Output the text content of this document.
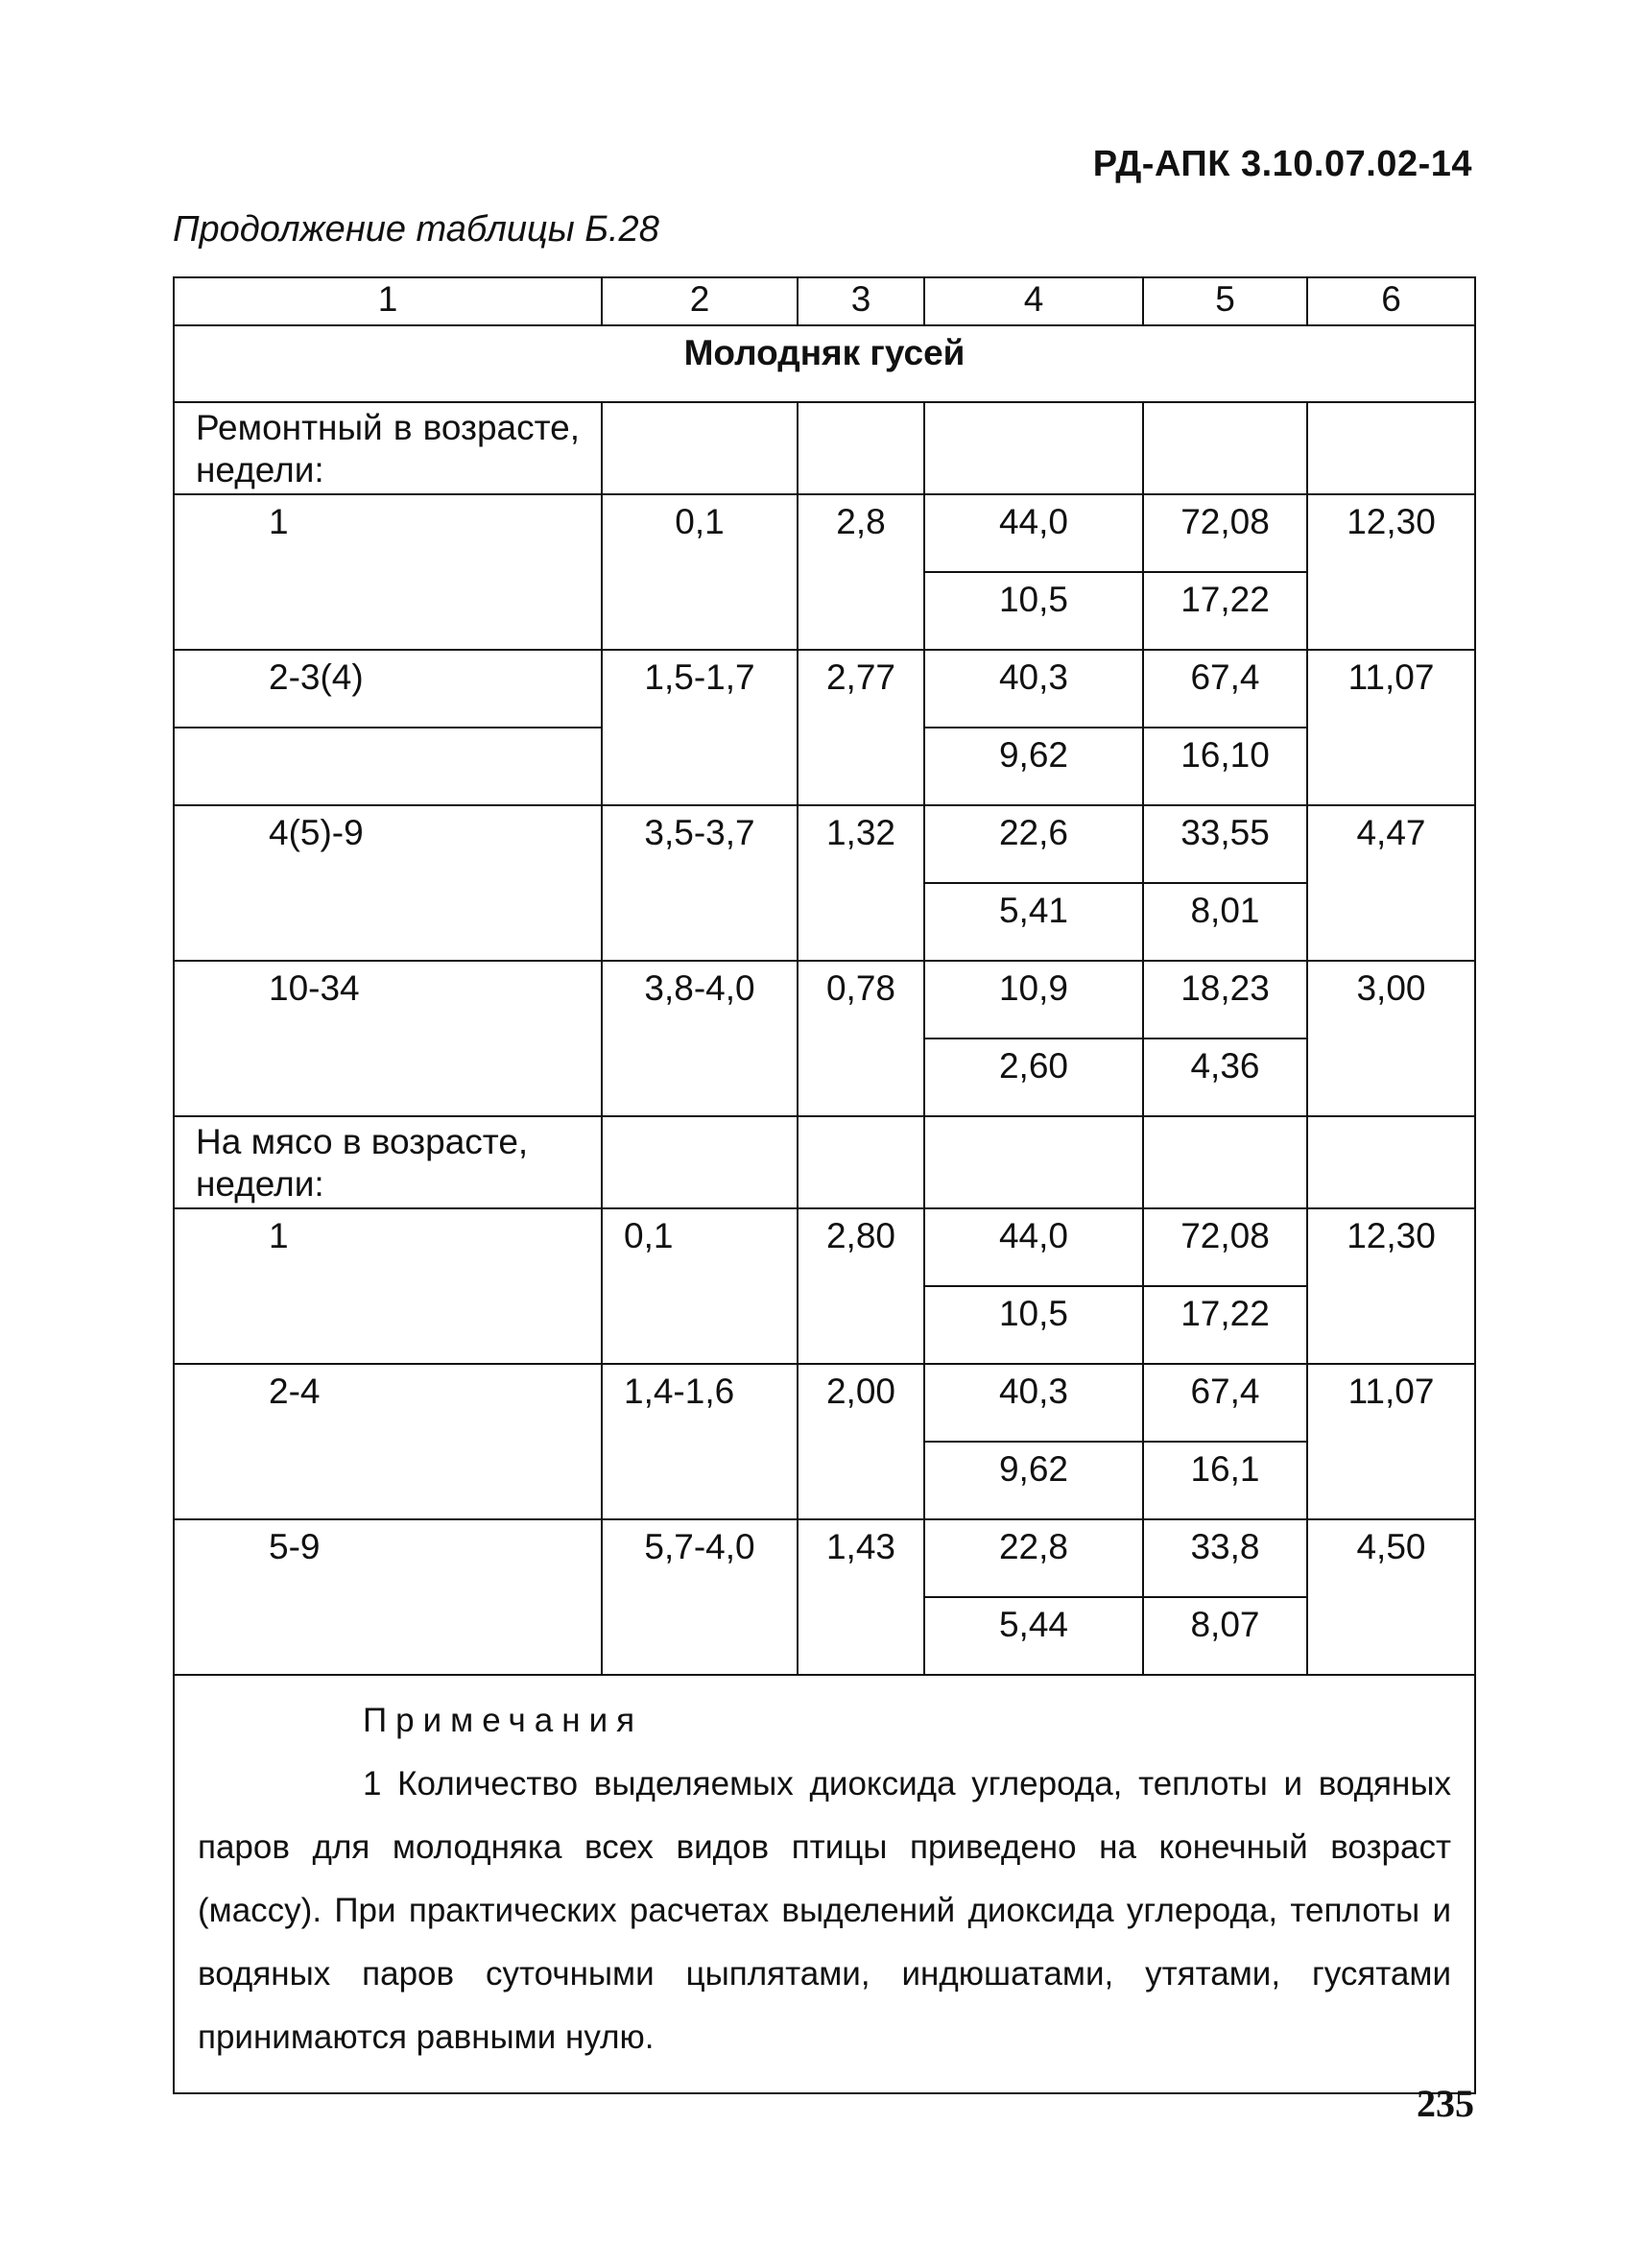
РД-АПК 3.10.07.02-14
Продолжение таблицы Б.28
1	2	3	4	5	6
Молодняк гусей					
Ремонтный в возрасте, недели:					
1	0,1	2,8	44,0	72,08	12,30
			10,5	17,22	
2-3(4)	1,5-1,7	2,77	40,3	67,4	11,07
			9,62	16,10	
4(5)-9	3,5-3,7	1,32	22,6	33,55	4,47
			5,41	8,01	
10-34	3,8-4,0	0,78	10,9	18,23	3,00
			2,60	4,36	
На мясо в возрасте, недели:					
1	0,1	2,80	44,0	72,08	12,30
			10,5	17,22	
2-4	1,4-1,6	2,00	40,3	67,4	11,07
			9,62	16,1	
5-9	5,7-4,0	1,43	22,8	33,8	4,50
			5,44	8,07	

Примечания
1 Количество выделяемых диоксида углерода, теплоты и водяных паров для молодняка всех видов птицы приведено на конечный возраст (массу). При практических расчетах выделений диоксида углерода, теплоты и водяных паров суточными цыплятами, индюшатами, утятами, гусятами принимаются равными нулю.					
235
